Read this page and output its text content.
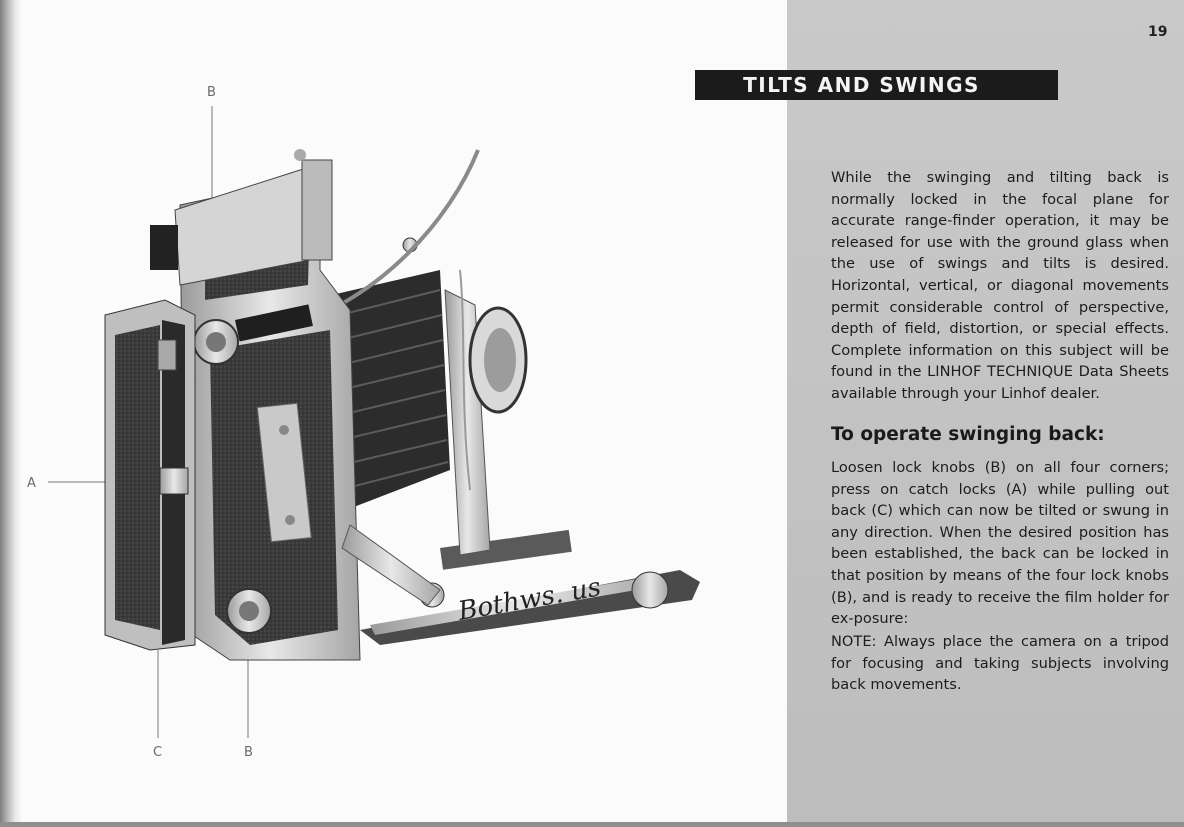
19
TILTS AND SWINGS
B
A
C	B
Bothws. us
While the swinging and tilting back is normally locked in the focal plane for accurate range-finder operation, it may be released for use with the ground glass when the use of swings and tilts is desired. Horizontal, vertical, or diagonal movements permit considerable control of perspective, depth of field, distortion, or special effects. Complete information on this subject will be found in the LINHOF TECHNIQUE Data Sheets available through your Linhof dealer.
To operate swinging back:
Loosen lock knobs (B) on all four corners; press on catch locks (A) while pulling out back (C) which can now be tilted or swung in any direction. When the desired position has been established, the back can be locked in that position by means of the four lock knobs (B), and is ready to receive the film holder for ex-posure:
NOTE: Always place the camera on a tripod for focusing and taking subjects involving back movements.
